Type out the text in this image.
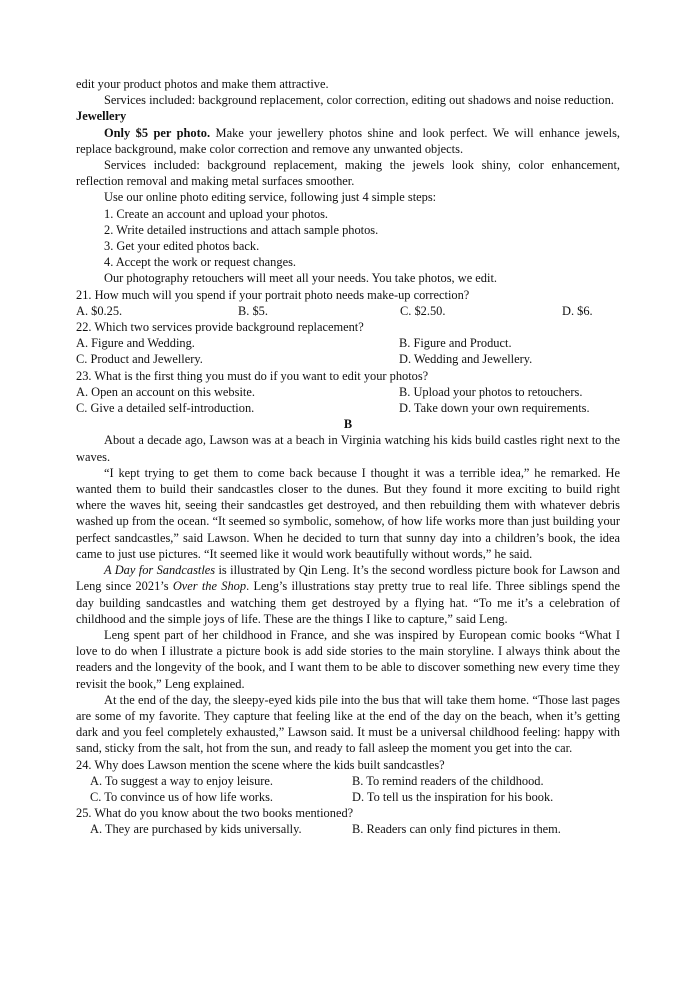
edit your product photos and make them attractive.

Services included: background replacement, color correction, editing out shadows and noise reduction.

Jewellery

Only $5 per photo. Make your jewellery photos shine and look perfect. We will enhance jewels, replace background, make color correction and remove any unwanted objects.

Services included: background replacement, making the jewels look shiny, color enhancement, reflection removal and making metal surfaces smoother.

Use our online photo editing service, following just 4 simple steps:

1. Create an account and upload your photos.

2. Write detailed instructions and attach sample photos.

3. Get your edited photos back.

4. Accept the work or request changes.

Our photography retouchers will meet all your needs. You take photos, we edit.

21. How much will you spend if your portrait photo needs make-up correction?

A. $0.25.	B. $5.	C. $2.50.	D. $6.

22. Which two services provide background replacement?

A. Figure and Wedding.	B. Figure and Product.
C. Product and Jewellery.	D. Wedding and Jewellery.

23. What is the first thing you must do if you want to edit your photos?

A. Open an account on this website.	B. Upload your photos to retouchers.
C. Give a detailed self-introduction.	D. Take down your own requirements.

B

About a decade ago, Lawson was at a beach in Virginia watching his kids build castles right next to the waves.

“I kept trying to get them to come back because I thought it was a terrible idea,” he remarked. He wanted them to build their sandcastles closer to the dunes. But they found it more exciting to build right where the waves hit, seeing their sandcastles get destroyed, and then rebuilding them with whatever debris washed up from the ocean. “It seemed so symbolic, somehow, of how life works more than just building your perfect sandcastles,” said Lawson. When he decided to turn that sunny day into a children’s book, the idea came to just use pictures. “It seemed like it would work beautifully without words,” he said.

A Day for Sandcastles is illustrated by Qin Leng. It’s the second wordless picture book for Lawson and Leng since 2021’s Over the Shop. Leng’s illustrations stay pretty true to real life. Three siblings spend the day building sandcastles and watching them get destroyed by a flying hat. “To me it’s a celebration of childhood and the simple joys of life. These are the things I like to capture,” said Leng.

Leng spent part of her childhood in France, and she was inspired by European comic books “What I love to do when I illustrate a picture book is add side stories to the main storyline. I always think about the readers and the longevity of the book, and I want them to be able to discover something new every time they revisit the book,” Leng explained.

At the end of the day, the sleepy-eyed kids pile into the bus that will take them home. “Those last pages are some of my favorite. They capture that feeling like at the end of the day on the beach, when it’s getting dark and you feel completely exhausted,” Lawson said. It must be a universal childhood feeling: happy with sand, sticky from the salt, hot from the sun, and ready to fall asleep the moment you get into the car.

24. Why does Lawson mention the scene where the kids built sandcastles?

A. To suggest a way to enjoy leisure.	B. To remind readers of the childhood.
C. To convince us of how life works.	D. To tell us the inspiration for his book.

25. What do you know about the two books mentioned?

A. They are purchased by kids universally.	B. Readers can only find pictures in them.
